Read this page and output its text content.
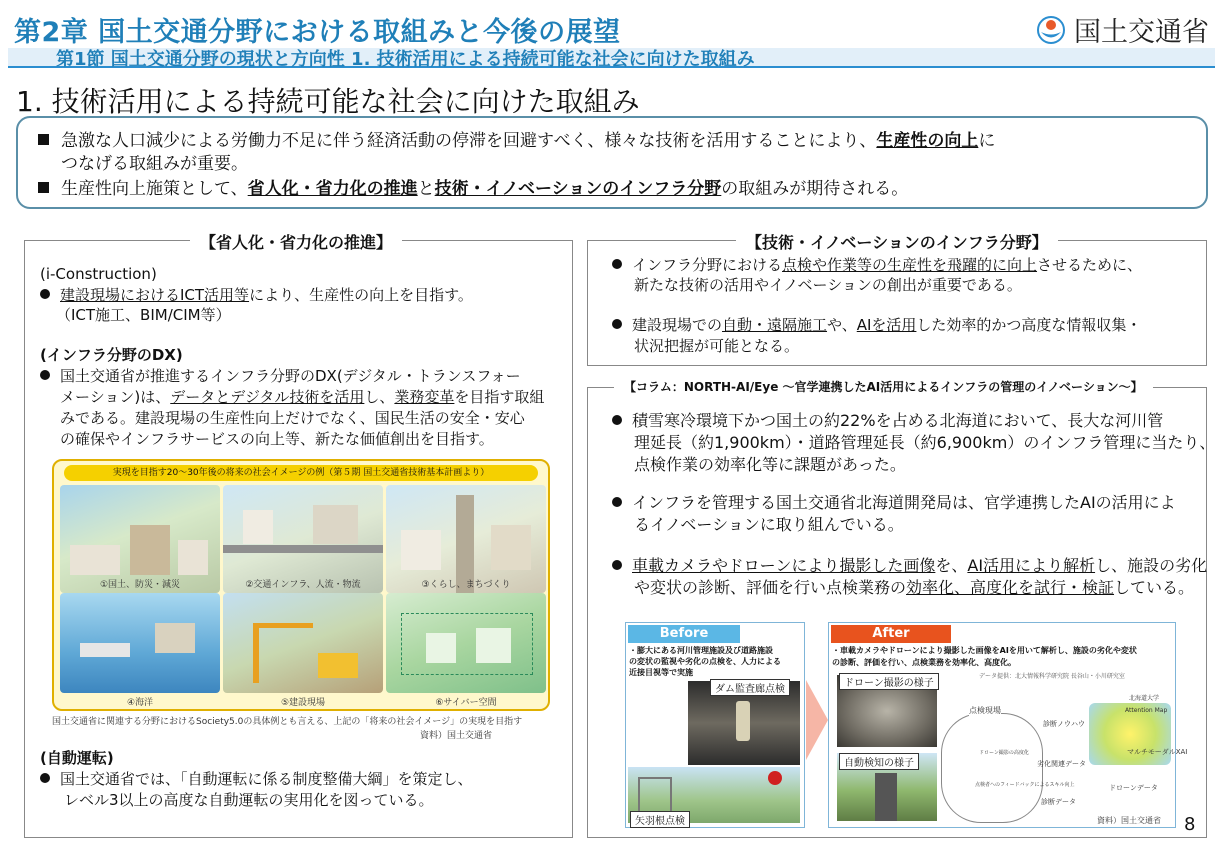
第2章 国土交通分野における取組みと今後の展望	国土交通省
第1節 国土交通分野の現状と方向性 1. 技術活用による持続可能な社会に向けた取組み
1. 技術活用による持続可能な社会に向けた取組み
急激な人口減少による労働力不足に伴う経済活動の停滞を回避すべく、様々な技術を活用することにより、生産性の向上に
つなげる取組みが重要。
生産性向上施策として、省人化・省力化の推進と技術・イノベーションのインフラ分野の取組みが期待される。
【省人化・省力化の推進】
(i-Construction)
建設現場におけるICT活用等により、生産性の向上を目指す。
（ICT施工、BIM/CIM等）
(インフラ分野のDX)
国土交通省が推進するインフラ分野のDX(デジタル・トランスフォー
メーション)は、データとデジタル技術を活用し、業務変革を目指す取組
みである。建設現場の生産性向上だけでなく、国民生活の安全・安心
の確保やインフラサービスの向上等、新たな価値創出を目指す。
実現を目指す20～30年後の将来の社会イメージの例（第５期 国土交通省技術基本計画より）
①国土、防災・減災	②交通インフラ、人流・物流	③くらし、まちづくり
④海洋	⑤建設現場	⑥サイバー空間
国土交通省に関連する分野におけるSociety5.0の具体例とも言える、上記の「将来の社会イメージ」の実現を目指す
資料）国土交通省
(自動運転)
国土交通省では、「自動運転に係る制度整備大綱」を策定し、
レベル3以上の高度な自動運転の実用化を図っている。
【技術・イノベーションのインフラ分野】
インフラ分野における点検や作業等の生産性を飛躍的に向上させるために、
新たな技術の活用やイノベーションの創出が重要である。
建設現場での自動・遠隔施工や、AIを活用した効率的かつ高度な情報収集・
状況把握が可能となる。
【コラム：NORTH-AI/Eye ～官学連携したAI活用によるインフラの管理のイノベーション～】
積雪寒冷環境下かつ国土の約22%を占める北海道において、長大な河川管
理延長（約1,900km）・道路管理延長（約6,900km）のインフラ管理に当たり、
点検作業の効率化等に課題があった。
インフラを管理する国土交通省北海道開発局は、官学連携したAIの活用によ
るイノベーションに取り組んでいる。
車載カメラやドローンにより撮影した画像を、AI活用により解析し、施設の劣化
や変状の診断、評価を行い点検業務の効率化、高度化を試行・検証している。
Before
・膨大にある河川管理施設及び道路施設
の変状の監視や劣化の点検を、人力による
近接目視等で実施
ダム監査廊点検
矢羽根点検
After
・車載カメラやドローンにより撮影した画像をAIを用いて解析し、施設の劣化や変状
の診断、評価を行い、点検業務を効率化、高度化。
データ提供：北大情報科学研究院 長谷山・小川研究室
ドローン撮影の様子
自動検知の様子
点検現場
診断ノウハウ
劣化関連データ
診断データ
ドローン撮影の高度化
点検者へのフィードバックによるスキル向上
Attention Map
マルチモーダルXAI
ドローンデータ
北海道大学
資料）国土交通省 8
